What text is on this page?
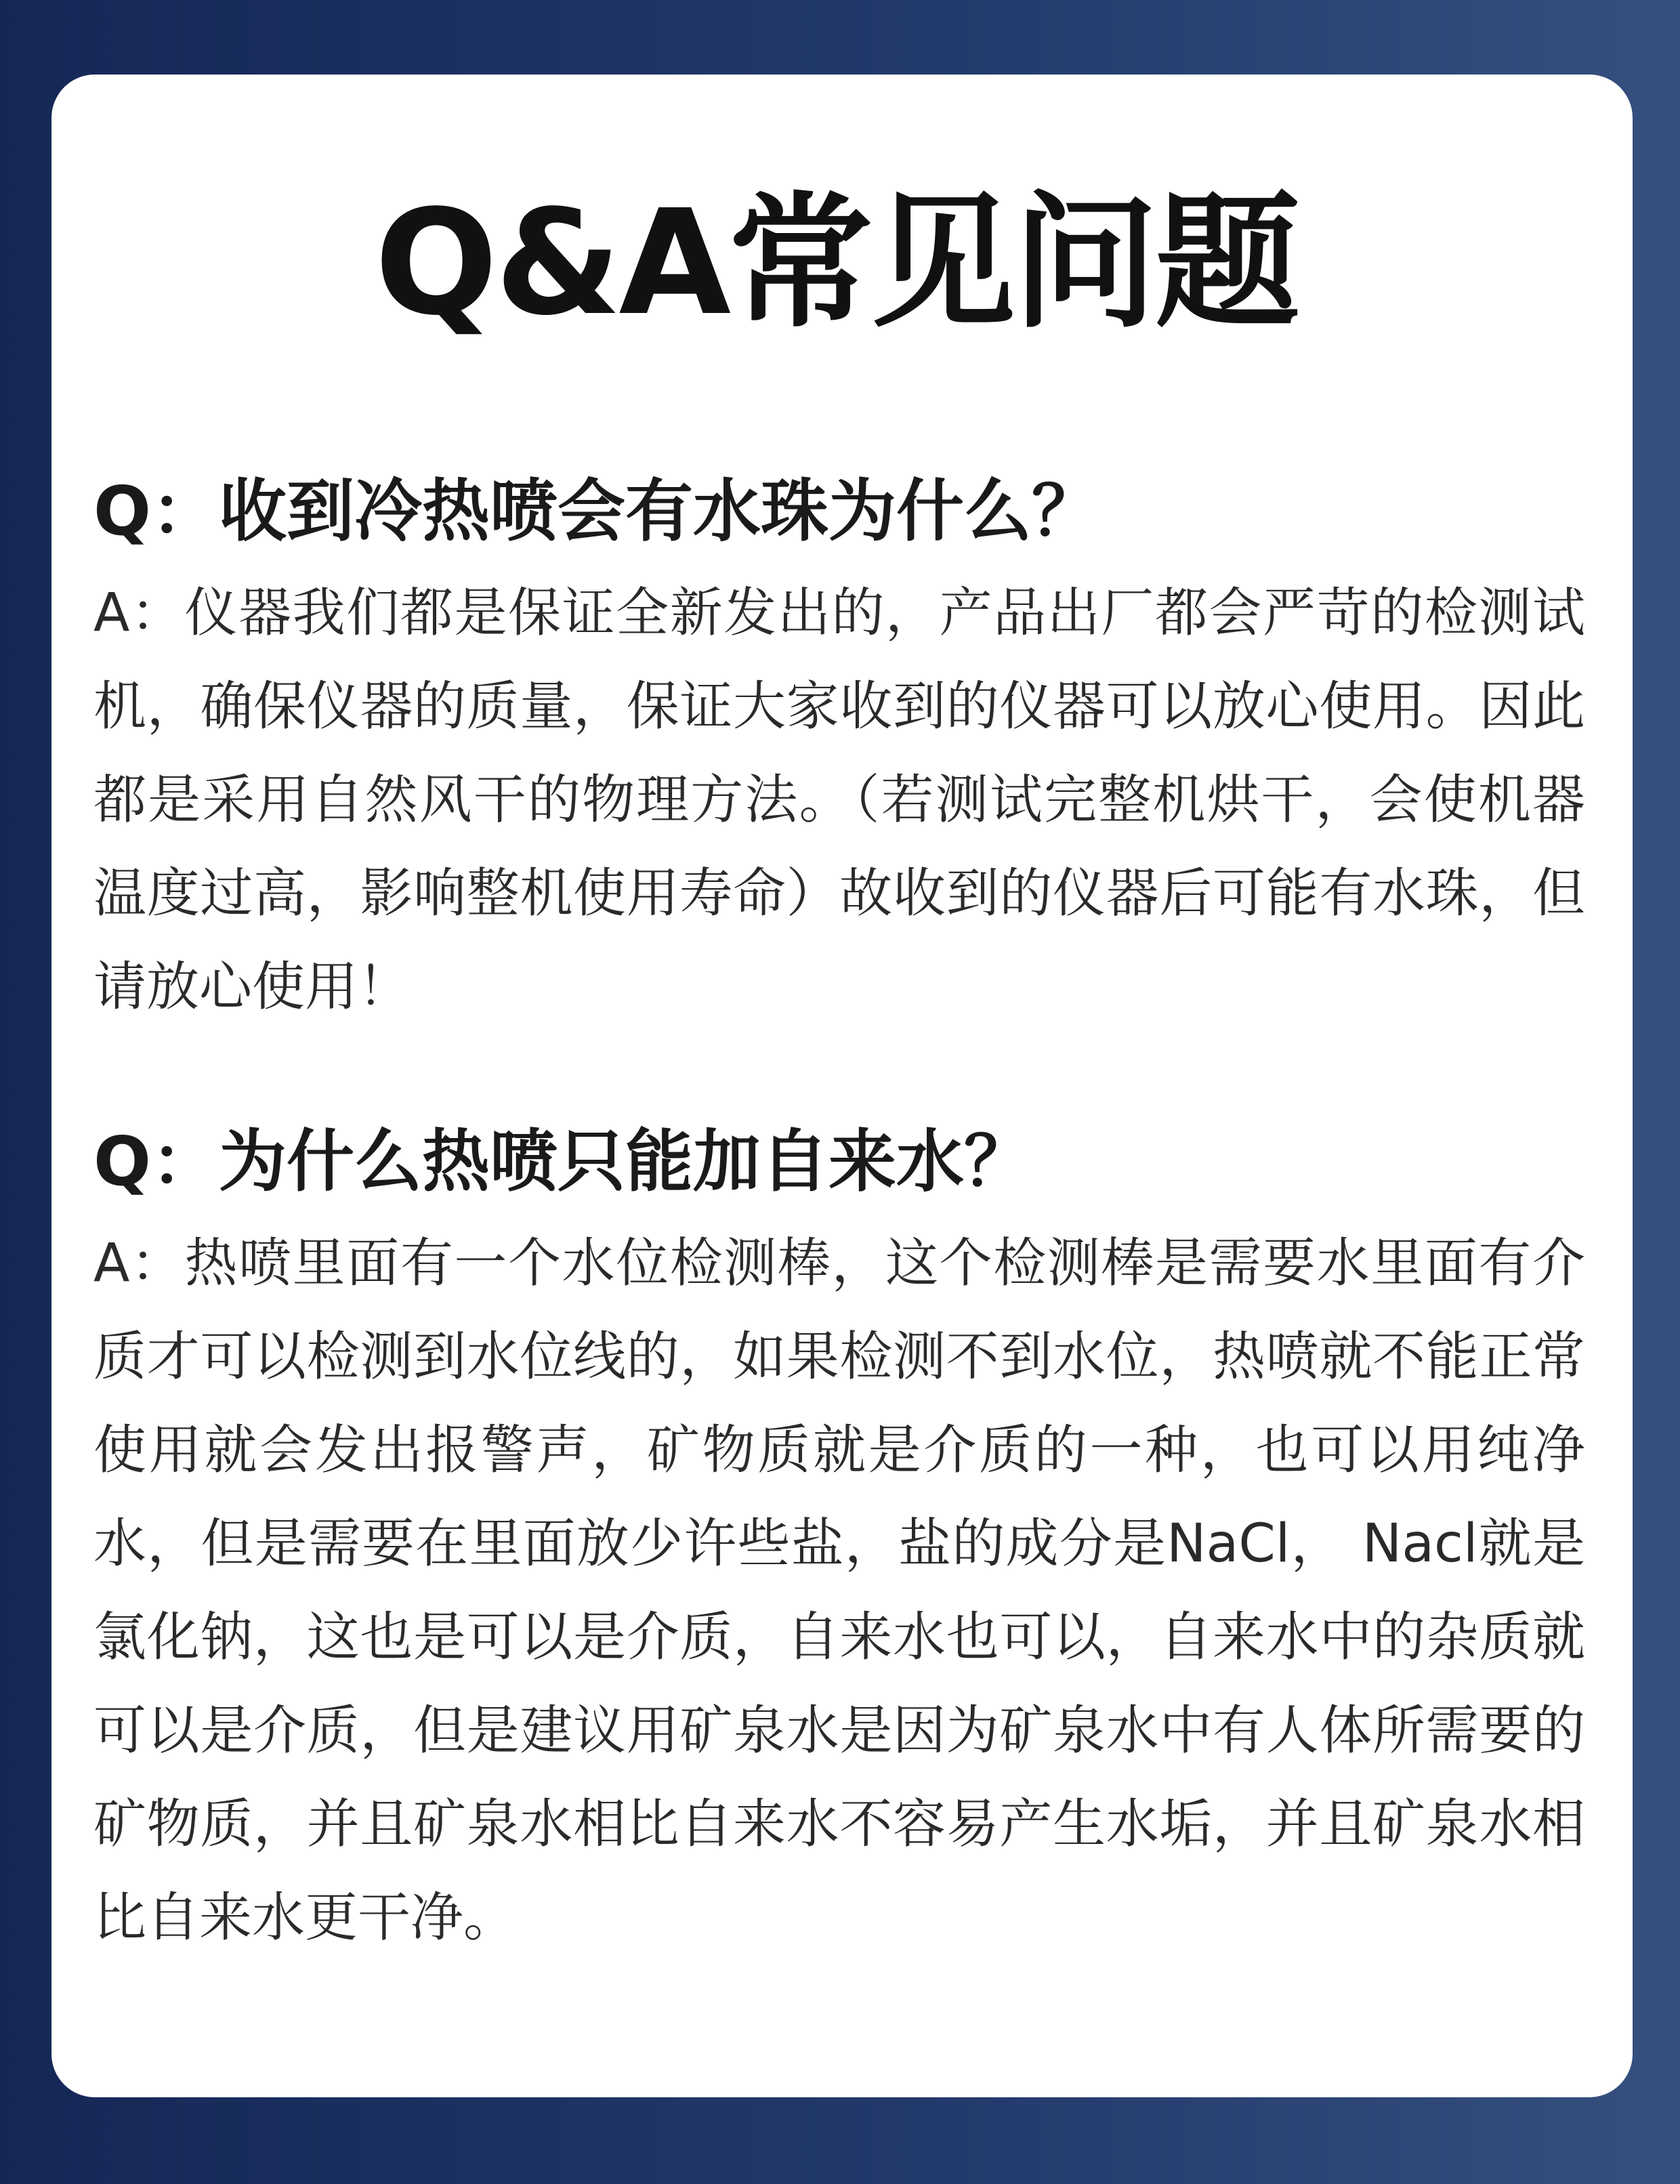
Q&A常见问题
Q：收到冷热喷会有水珠为什么？

A：仪器我们都是保证全新发出的，产品出厂都会严苛的检测试机，确保仪器的质量，保证大家收到的仪器可以放心使用。因此都是采用自然风干的物理方法。（若测试完整机烘干，会使机器温度过高，影响整机使用寿命）故收到的仪器后可能有水珠，但请放心使用！

Q：为什么热喷只能加自来水？

A：热喷里面有一个水位检测棒，这个检测棒是需要水里面有介质才可以检测到水位线的，如果检测不到水位，热喷就不能正常使用就会发出报警声，矿物质就是介质的一种，也可以用纯净水，但是需要在里面放少许些盐，盐的成分是NaCl， Nacl就是氯化钠，这也是可以是介质，自来水也可以，自来水中的杂质就可以是介质，但是建议用矿泉水是因为矿泉水中有人体所需要的矿物质，并且矿泉水相比自来水不容易产生水垢，并且矿泉水相比自来水更干净。
